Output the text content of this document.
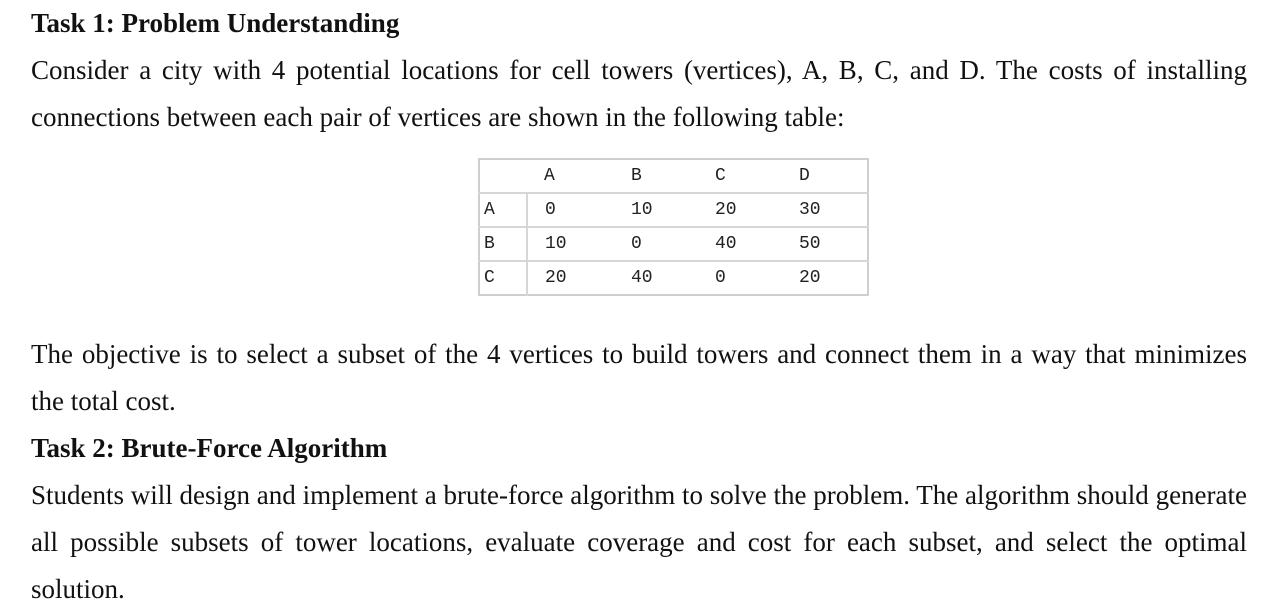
Task 1: Problem Understanding

Consider a city with 4 potential locations for cell towers (vertices), A, B, C, and D. The costs of installing
connections between each pair of vertices are shown in the following table:

	A	B	C	D
A	0	10	20	30
B	10	0	40	50
C	20	40	0	20

The objective is to select a subset of the 4 vertices to build towers and connect them in a way that minimizes
the total cost.

Task 2: Brute-Force Algorithm

Students will design and implement a brute-force algorithm to solve the problem. The algorithm should generate
all possible subsets of tower locations, evaluate coverage and cost for each subset, and select the optimal
solution.
